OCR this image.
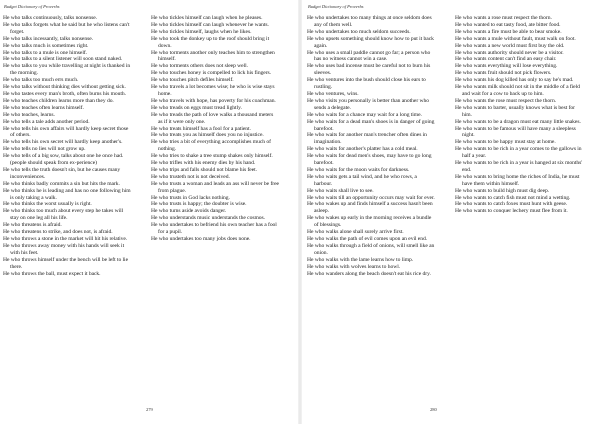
Budget Dictionary of Proverbs

He who talks continuously, talks nonsense.

He who talks forgets what he said but he who listens can't forget.

He who talks incessantly, talks nonsense.

He who talks much is sometimes right.

He who talks to a mule is one himself.

He who talks to a silent listener will soon stand naked.

He who talks to you while travelling at night is thanked in the morning.

He who talks too much errs much.

He who talks without thinking dies without getting sick.

He who tastes every man's broth, often burns his mouth.

He who teaches children learns more than they do.

He who teaches often learns himself.

He who teaches, learns.

He who tells a tale adds another period.

He who tells his own affairs will hardly keep secret those of others.

He who tells his own secret will hardly keep another's.

He who tells no lies will not grow up.

He who tells of a big sow, talks about one he once had. (people should speak from ex-perience)

He who tells the truth doesn't sin, but he causes many inconveniences.

He who thinks badly commits a sin but hits the mark.

He who thinks he is leading and has no one following him is only taking a walk.

He who thinks the worst usually is right.

He who thinks too much about every step he takes will stay on one leg all his life.

He who threatens is afraid.

He who threatens to strike, and does not, is afraid.

He who throws a stone in the market will hit his relative.

He who throws away money with his hands will seek it with his feet.

He who throws himself under the bench will be left to lie there.

He who throws the ball, must expect it back.

He who tickles himself can laugh when he pleases.

He who tickles himself can laugh whenever he wants.

He who tickles himself, laughs when he likes.

He who took the donkey up to the roof should bring it down.

He who torments another only teaches him to strengthen himself.

He who torments others does not sleep well.

He who touches honey is compelled to lick his fingers.

He who touches pitch defiles himself.

He who travels a lot becomes wise; he who is wise stays home.

He who travels with hope, has poverty for his coachman.

He who treads on eggs must tread lightly.

He who treads the path of love walks a thousand meters as if it were only one.

He who treats himself has a fool for a patient.

He who treats you as himself does you no injustice.

He who tries a bit of everything accomplishes much of nothing.

He who tries to shake a tree stump shakes only himself.

He who trifles with his enemy dies by his hand.

He who trips and falls should not blame his feet.

He who trusteth not is not deceived.

He who trusts a woman and leads an ass will never be free from plague.

He who trusts in God lacks nothing.

He who trusts is happy; the doubter is wise.

He who turns aside avoids danger.

He who understands music understands the cosmos.

He who undertakes to befriend his own teacher has a fool for a pupil.

He who undertakes too many jobs does none.

279
Budget Dictionary of Proverbs

He who undertakes too many things at once seldom does any of them well.

He who undertakes too much seldom succeeds.

He who upsets something should know how to put it back again.

He who uses a small paddle cannot go far; a person who has no witness cannot win a case.

He who uses bad incense must be careful not to burn his sleeves.

He who ventures into the bush should close his ears to rustling.

He who ventures, wins.

He who visits you personally is better than another who sends a delegate.

He who waits for a chance may wait for a long time.

He who waits for a dead man's shoes is in danger of going barefoot.

He who waits for another man's trencher often dines in imagination.

He who waits for another's platter has a cold meal.

He who waits for dead men's shoes, may have to go long barefoot.

He who waits for the moon waits for darkness.

He who waits gets a tail wind, and he who rows, a harbour.

He who waits shall live to see.

He who waits till an opportunity occurs may wait for ever.

He who wakes up and finds himself a success hasn't been asleep.

He who wakes up early in the morning receives a bundle of blessings.

He who walks alone shall surely arrive first.

He who walks the path of evil comes upon an evil end.

He who walks through a field of onions, will smell like an onion.

He who walks with the lame learns how to limp.

He who walks with wolves learns to howl.

He who wanders along the beach doesn't eat his rice dry.

He who wants a rose must respect the thorn.

He who wanted to eat tasty food, ate bitter food.

He who wants a fire must be able to bear smoke.

He who wants a mule without fault, must walk on foot.

He who wants a new world must first buy the old.

He who wants authority should never be a visitor.

He who wants content can't find an easy chair.

He who wants everything will lose everything.

He who wants fruit should not pick flowers.

He who wants his dog killed has only to say he's mad.

He who wants milk should not sit in the middle of a field and wait for a cow to back up to him.

He who wants the rose must respect the thorn.

He who wants to barter, usually knows what is best for him.

He who wants to be a dragon must eat many little snakes.

He who wants to be famous will have many a sleepless night.

He who wants to be happy must stay at home.

He who wants to be rich in a year comes to the gallows in half a year.

He who wants to be rich in a year is hanged at six months' end.

He who wants to bring home the riches of India, he must have them within himself.

He who wants to build high must dig deep.

He who wants to catch fish must not mind a wetting.

He who wants to catch foxes must hunt with geese.

He who wants to conquer lechery must flee from it.

280
